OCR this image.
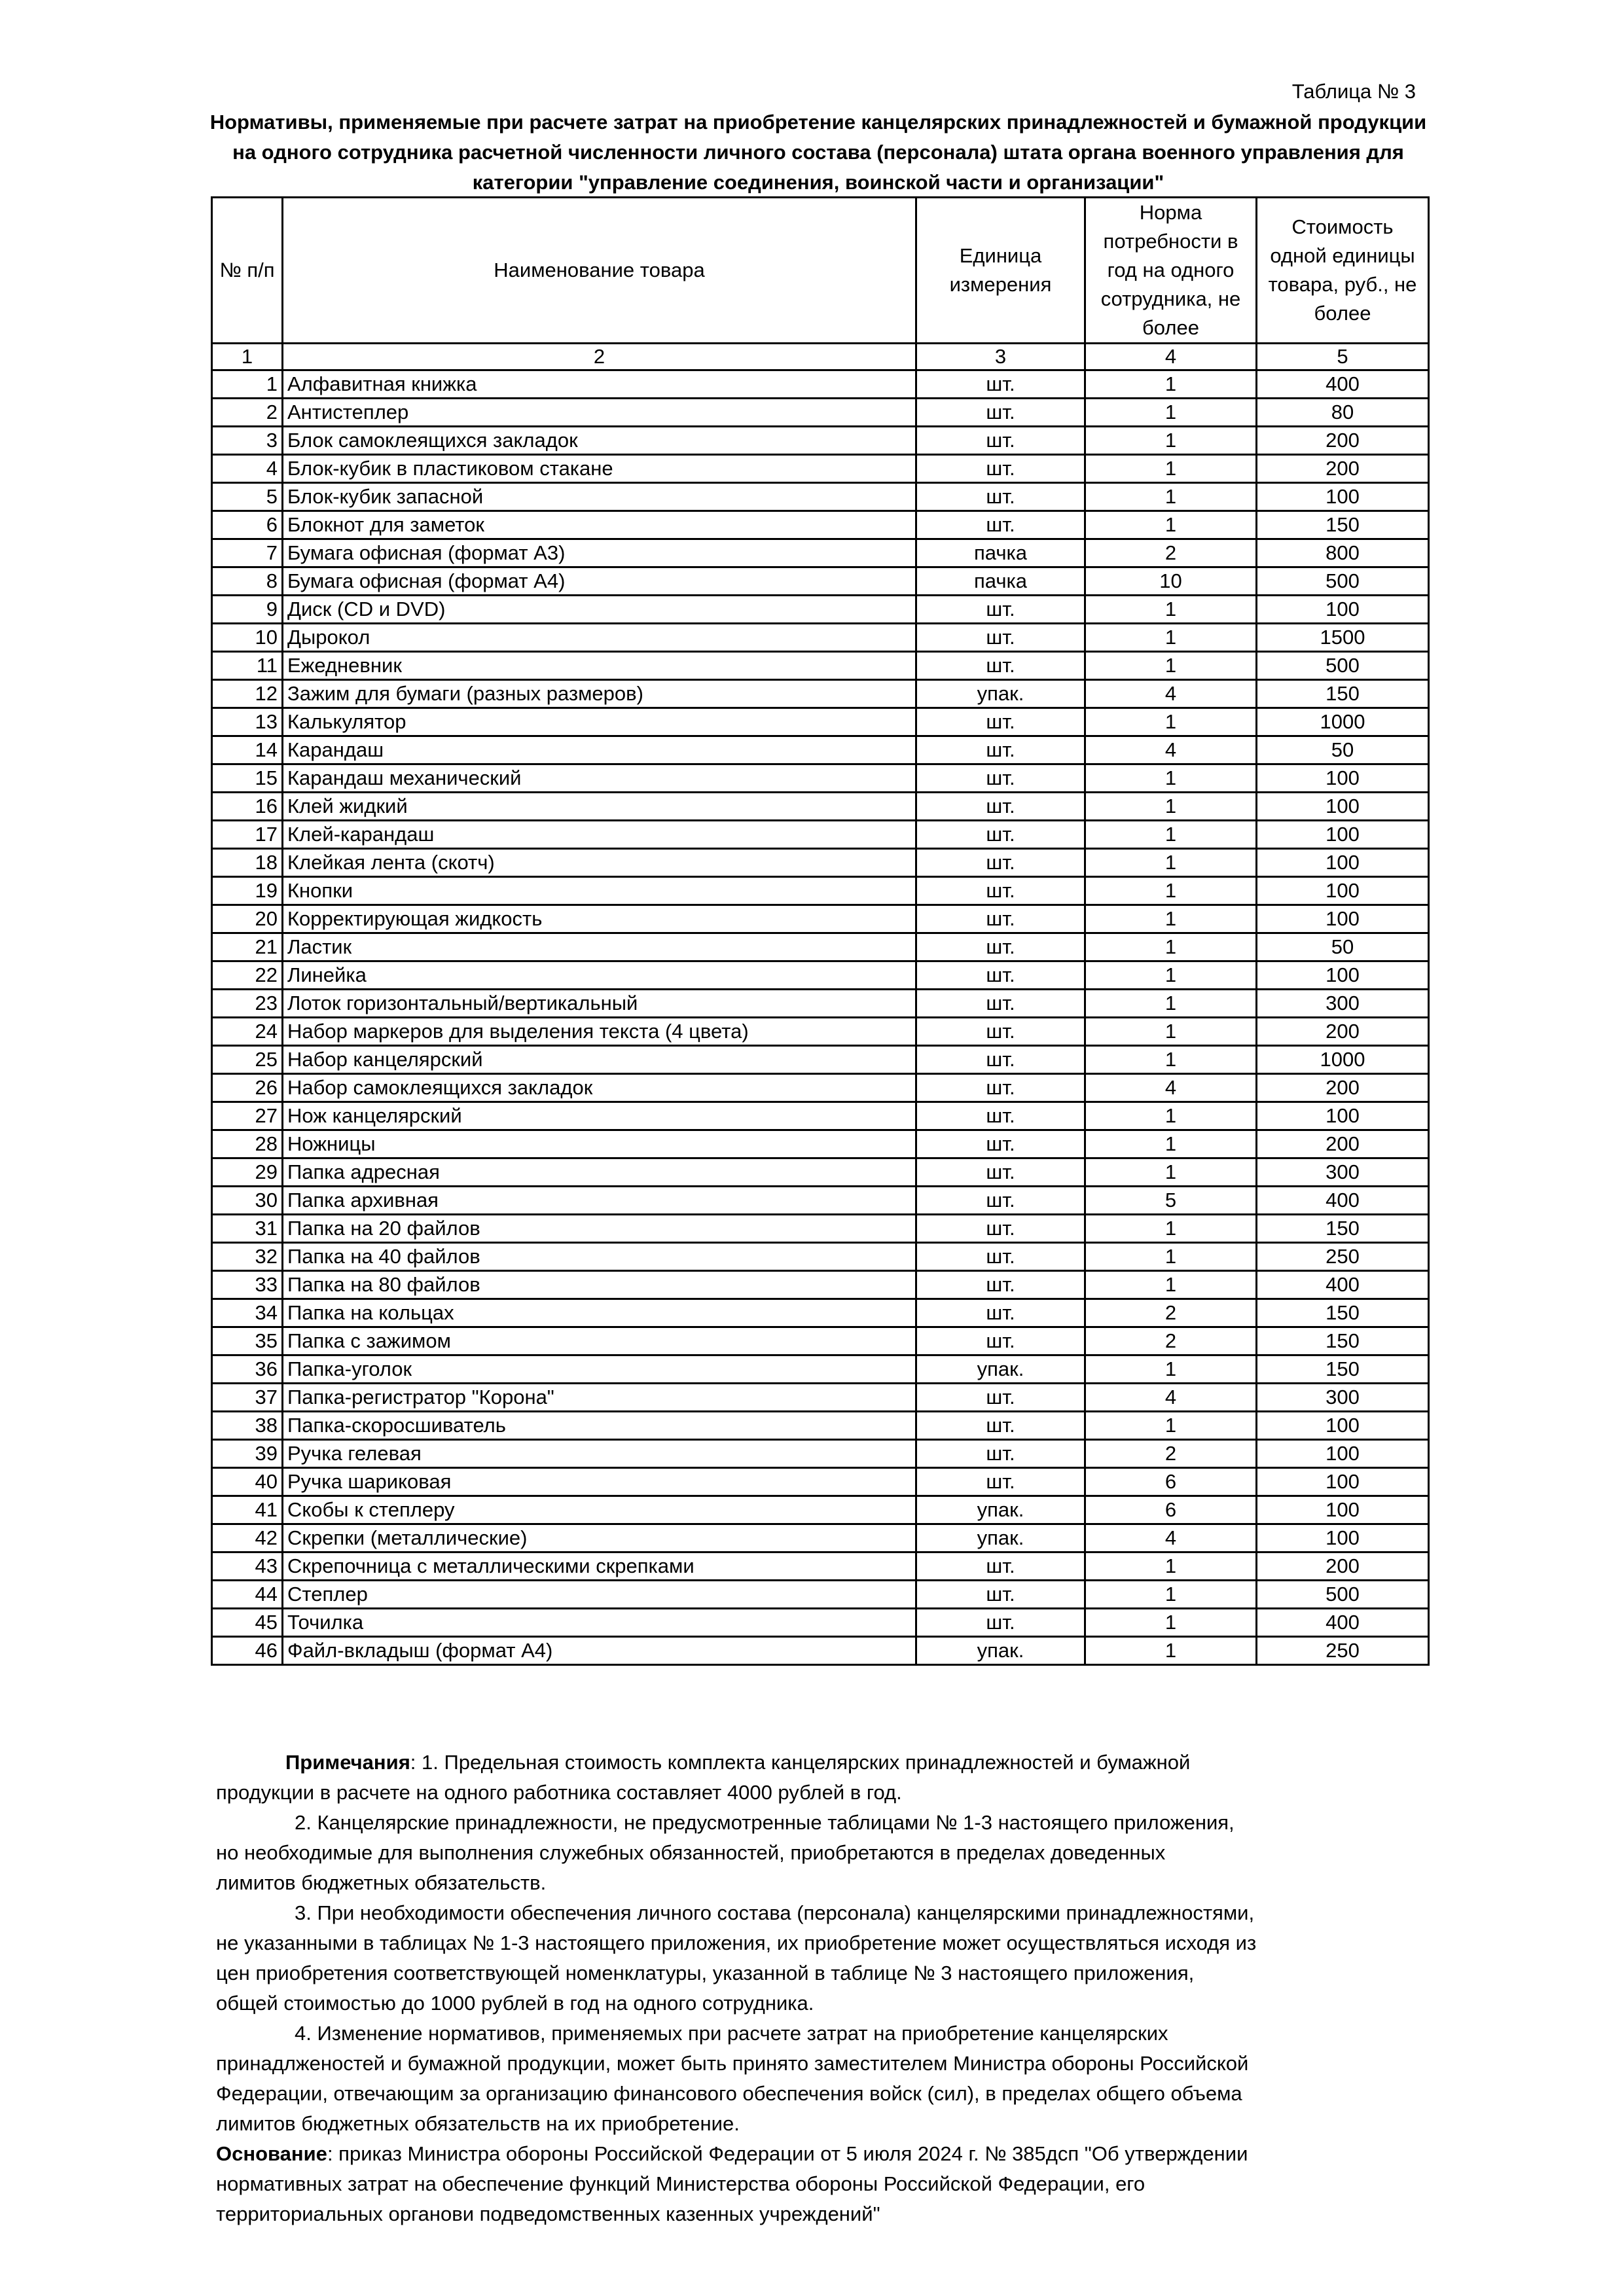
Таблица № 3
Нормативы, применяемые при расчете затрат на приобретение канцелярских принадлежностей и бумажной продукции
на одного сотрудника расчетной численности личного состава (персонала) штата органа военного управления для
категории "управление соединения, воинской части и организации"
№ п/п	Наименование товара	Единица измерения	Норма потребности в год на одного сотрудника, не более	Стоимость одной единицы товара, руб., не более
1	2	3	4	5
1	Алфавитная книжка	шт.	1	400
2	Антистеплер	шт.	1	80
3	Блок самоклеящихся закладок	шт.	1	200
4	Блок-кубик в пластиковом стакане	шт.	1	200
5	Блок-кубик запасной	шт.	1	100
6	Блокнот для заметок	шт.	1	150
7	Бумага офисная (формат А3)	пачка	2	800
8	Бумага офисная (формат А4)	пачка	10	500
9	Диск (CD и DVD)	шт.	1	100
10	Дырокол	шт.	1	1500
11	Ежедневник	шт.	1	500
12	Зажим для бумаги (разных размеров)	упак.	4	150
13	Калькулятор	шт.	1	1000
14	Карандаш	шт.	4	50
15	Карандаш механический	шт.	1	100
16	Клей жидкий	шт.	1	100
17	Клей-карандаш	шт.	1	100
18	Клейкая лента (скотч)	шт.	1	100
19	Кнопки	шт.	1	100
20	Корректирующая жидкость	шт.	1	100
21	Ластик	шт.	1	50
22	Линейка	шт.	1	100
23	Лоток горизонтальный/вертикальный	шт.	1	300
24	Набор маркеров для выделения текста (4 цвета)	шт.	1	200
25	Набор канцелярский	шт.	1	1000
26	Набор самоклеящихся закладок	шт.	4	200
27	Нож канцелярский	шт.	1	100
28	Ножницы	шт.	1	200
29	Папка адресная	шт.	1	300
30	Папка архивная	шт.	5	400
31	Папка на 20 файлов	шт.	1	150
32	Папка на 40 файлов	шт.	1	250
33	Папка на 80 файлов	шт.	1	400
34	Папка на кольцах	шт.	2	150
35	Папка с зажимом	шт.	2	150
36	Папка-уголок	упак.	1	150
37	Папка-регистратор "Корона"	шт.	4	300
38	Папка-скоросшиватель	шт.	1	100
39	Ручка гелевая	шт.	2	100
40	Ручка шариковая	шт.	6	100
41	Скобы к степлеру	упак.	6	100
42	Скрепки (металлические)	упак.	4	100
43	Скрепочница с металлическими скрепками	шт.	1	200
44	Степлер	шт.	1	500
45	Точилка	шт.	1	400
46	Файл-вкладыш (формат А4)	упак.	1	250

Примечания: 1. Предельная стоимость комплекта канцелярских принадлежностей и бумажной

продукции в расчете на одного работника составляет 4000 рублей в год.

2. Канцелярские принадлежности, не предусмотренные таблицами № 1-3 настоящего приложения,

но необходимые для выполнения служебных обязанностей, приобретаются в пределах доведенных

лимитов бюджетных обязательств.

3. При необходимости обеспечения личного состава (персонала) канцелярскими принадлежностями,

не указанными в таблицах № 1-3 настоящего приложения, их приобретение может осуществляться исходя из

цен приобретения соответствующей номенклатуры, указанной в таблице № 3 настоящего приложения,

общей стоимостью до 1000 рублей в год на одного сотрудника.

4. Изменение нормативов, применяемых при расчете затрат на приобретение канцелярских

принадлженостей и бумажной продукции, может быть принято заместителем Министра обороны Российской

Федерации, отвечающим за организацию финансового обеспечения войск (сил), в пределах общего объема

лимитов бюджетных обязательств на их приобретение.

Основание: приказ Министра обороны Российской Федерации от 5 июля 2024 г. № 385дсп "Об утверждении

нормативных затрат на обеспечение функций Министерства обороны Российской Федерации, его

территориальных органови подведомственных казенных учреждений"
